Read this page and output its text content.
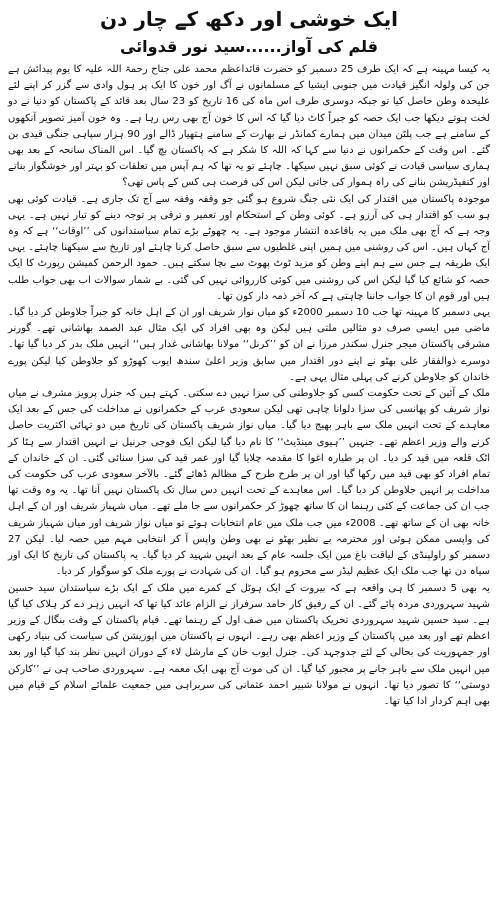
ایک خوشی اور دکھ کے چار دن
قلم کی آواز......سید نور قدوائی

یہ کیسا مہینہ ہے کہ ایک طرف 25 دسمبر کو حضرت قائداعظم محمد علی جناح رحمۃ اللہ علیہ کا یوم پیدائش ہے جن کی ولولہ انگیز قیادت میں جنوبی ایشیا کے مسلمانوں نے آگ اور خون کا ایک پر ہول وادی سے گزر کر اپنے لئے علیحدہ وطن حاصل کیا تو جبکہ دوسری طرف اس ماہ کی 16 تاریخ کو 23 سال بعد قائد کے پاکستان کو دنیا نے دو لخت ہوتے دیکھا جب ایک حصہ کو جبراً کاٹ دیا گیا کہ اس کا خون آج بھی رس رہا ہے۔ وہ خون آمیز تصویر آنکھوں کے سامنے ہے جب پلٹن میدان میں ہمارے کمانڈر نے بھارت کے سامنے ہتھیار ڈالے اور 90 ہزار سپاہی جنگی قیدی بن گئے۔ اس وقت کے حکمرانوں نے دنیا سے کہا کہ اللہ کا شکر ہے کہ پاکستان بچ گیا۔ اس المناک سانحہ کے بعد بھی ہماری سیاسی قیادت نے کوئی سبق نہیں سیکھا۔ چاہئے تو یہ تھا کہ ہم آپس میں تعلقات کو بہتر اور خوشگوار بناتے اور کنفیڈریشن بنانے کی راہ ہموار کی جاتی لیکن اس کی فرصت ہی کس کے پاس تھی؟

موجودہ پاکستان میں اقتدار کی ایک نئی جنگ شروع ہو گئی جو وقفہ وقفہ سے آج تک جاری ہے۔ قیادت کوئی بھی ہو سب کو اقتدار ہی کی آرزو ہے۔ کوئی وطن کے استحکام اور تعمیر و ترقی پر توجہ دینے کو تیار نہیں ہے۔ یہی وجہ ہے کہ آج بھی ملک میں یہ باقاعدہ انتشار موجود ہے۔ یہ چھوٹے بڑے تمام سیاستدانوں کی ’’اوقات‘‘ ہے کہ وہ آج کہاں ہیں۔ اس کی روشنی میں ہمیں اپنی غلطیوں سے سبق حاصل کرنا چاہئے اور تاریخ سے سیکھنا چاہئے۔ یہی ایک طریقہ ہے جس سے ہم اپنے وطن کو مزید ٹوٹ پھوٹ سے بچا سکتے ہیں۔ حمود الرحمن کمیشن رپورٹ کا ایک حصہ کو شائع کیا گیا لیکن اس کی روشنی میں کوئی کارروائی نہیں کی گئی۔ بے شمار سوالات اب بھی جواب طلب ہیں اور قوم ان کا جواب جاننا چاہتی ہے کہ آخر ذمہ دار کون تھا۔

یہی دسمبر کا مہینہ تھا جب 10 دسمبر 2000ء کو میاں نواز شریف اور ان کے اہل خانہ کو جبراً جلاوطن کر دیا گیا۔ ماضی میں ایسی صرف دو مثالیں ملتی ہیں لیکن وہ بھی افراد کی ایک مثال عبد الصمد بھاشانی تھے۔ گورنر مشرقی پاکستان میجر جنرل سکندر مرزا نے ان کو ’’کرنل‘‘ مولانا بھاشانی غدار ہیں‘‘ انہیں ملک بدر کر دیا گیا تھا۔ دوسرے ذوالفقار علی بھٹو نے اپنے دور اقتدار میں سابق وزیر اعلیٰ سندھ ایوب کھوڑو کو جلاوطن کیا لیکن پورے خاندان کو جلاوطن کرنے کی پہلی مثال یہی ہے۔

ملک کے آئین کے تحت حکومت کسی کو جلاوطنی کی سزا نہیں دے سکتی۔ کہتے ہیں کہ جنرل پرویز مشرف نے میاں نواز شریف کو پھانسی کی سزا دلوانا چاہی تھی لیکن سعودی عرب کے حکمرانوں نے مداخلت کی جس کے بعد ایک معاہدے کے تحت انہیں ملک سے باہر بھیج دیا گیا۔ میاں نواز شریف پاکستان کی تاریخ میں دو تہائی اکثریت حاصل کرنے والے وزیر اعظم تھے۔ جنہیں ’’ہیوی مینڈیٹ‘‘ کا نام دیا گیا لیکن ایک فوجی جرنیل نے انہیں اقتدار سے ہٹا کر اٹک قلعہ میں قید کر دیا۔ ان پر طیارہ اغوا کا مقدمہ چلایا گیا اور عمر قید کی سزا سنائی گئی۔ ان کے خاندان کے تمام افراد کو بھی قید میں رکھا گیا اور ان پر طرح طرح کے مظالم ڈھائے گئے۔ بالآخر سعودی عرب کی حکومت کی مداخلت پر انہیں جلاوطن کر دیا گیا۔ اس معاہدے کے تحت انہیں دس سال تک پاکستان نہیں آنا تھا۔ یہ وہ وقت تھا جب ان کی جماعت کے کئی رہنما ان کا ساتھ چھوڑ کر حکمرانوں سے جا ملے تھے۔ میاں شہباز شریف اور ان کے اہل خانہ بھی ان کے ساتھ تھے۔ 2008ء میں جب ملک میں عام انتخابات ہوئے تو میاں نواز شریف اور میاں شہباز شریف کی واپسی ممکن ہوئی اور محترمہ بے نظیر بھٹو نے بھی وطن واپس آ کر انتخابی مہم میں حصہ لیا۔ لیکن 27 دسمبر کو راولپنڈی کے لیاقت باغ میں ایک جلسہ عام کے بعد انہیں شہید کر دیا گیا۔ یہ پاکستان کی تاریخ کا ایک اور سیاہ دن تھا جب ملک ایک عظیم لیڈر سے محروم ہو گیا۔ ان کی شہادت نے پورے ملک کو سوگوار کر دیا۔

یہ بھی 5 دسمبر کا ہی واقعہ ہے کہ بیروت کے ایک ہوٹل کے کمرے میں ملک کے ایک بڑے سیاستدان سید حسین شہید سہروردی مردہ پائے گئے۔ ان کے رفیق کار حامد سرفراز نے الزام عائد کیا تھا کہ انہیں زہر دے کر ہلاک کیا گیا ہے۔ سید حسین شہید سہروردی تحریک پاکستان میں صف اول کے رہنما تھے۔ قیام پاکستان کے وقت بنگال کے وزیر اعظم تھے اور بعد میں پاکستان کے وزیر اعظم بھی رہے۔ انہوں نے پاکستان میں اپوزیشن کی سیاست کی بنیاد رکھی اور جمہوریت کی بحالی کے لئے جدوجہد کی۔ جنرل ایوب خان کے مارشل لاء کے دوران انہیں نظر بند کیا گیا اور بعد میں انہیں ملک سے باہر جانے پر مجبور کیا گیا۔ ان کی موت آج بھی ایک معمہ ہے۔ سہروردی صاحب ہی نے ’’کارکن دوستی‘‘ کا تصور دیا تھا۔ انہوں نے مولانا شبیر احمد عثمانی کی سربراہی میں جمعیت علمائے اسلام کے قیام میں بھی اہم کردار ادا کیا تھا۔
